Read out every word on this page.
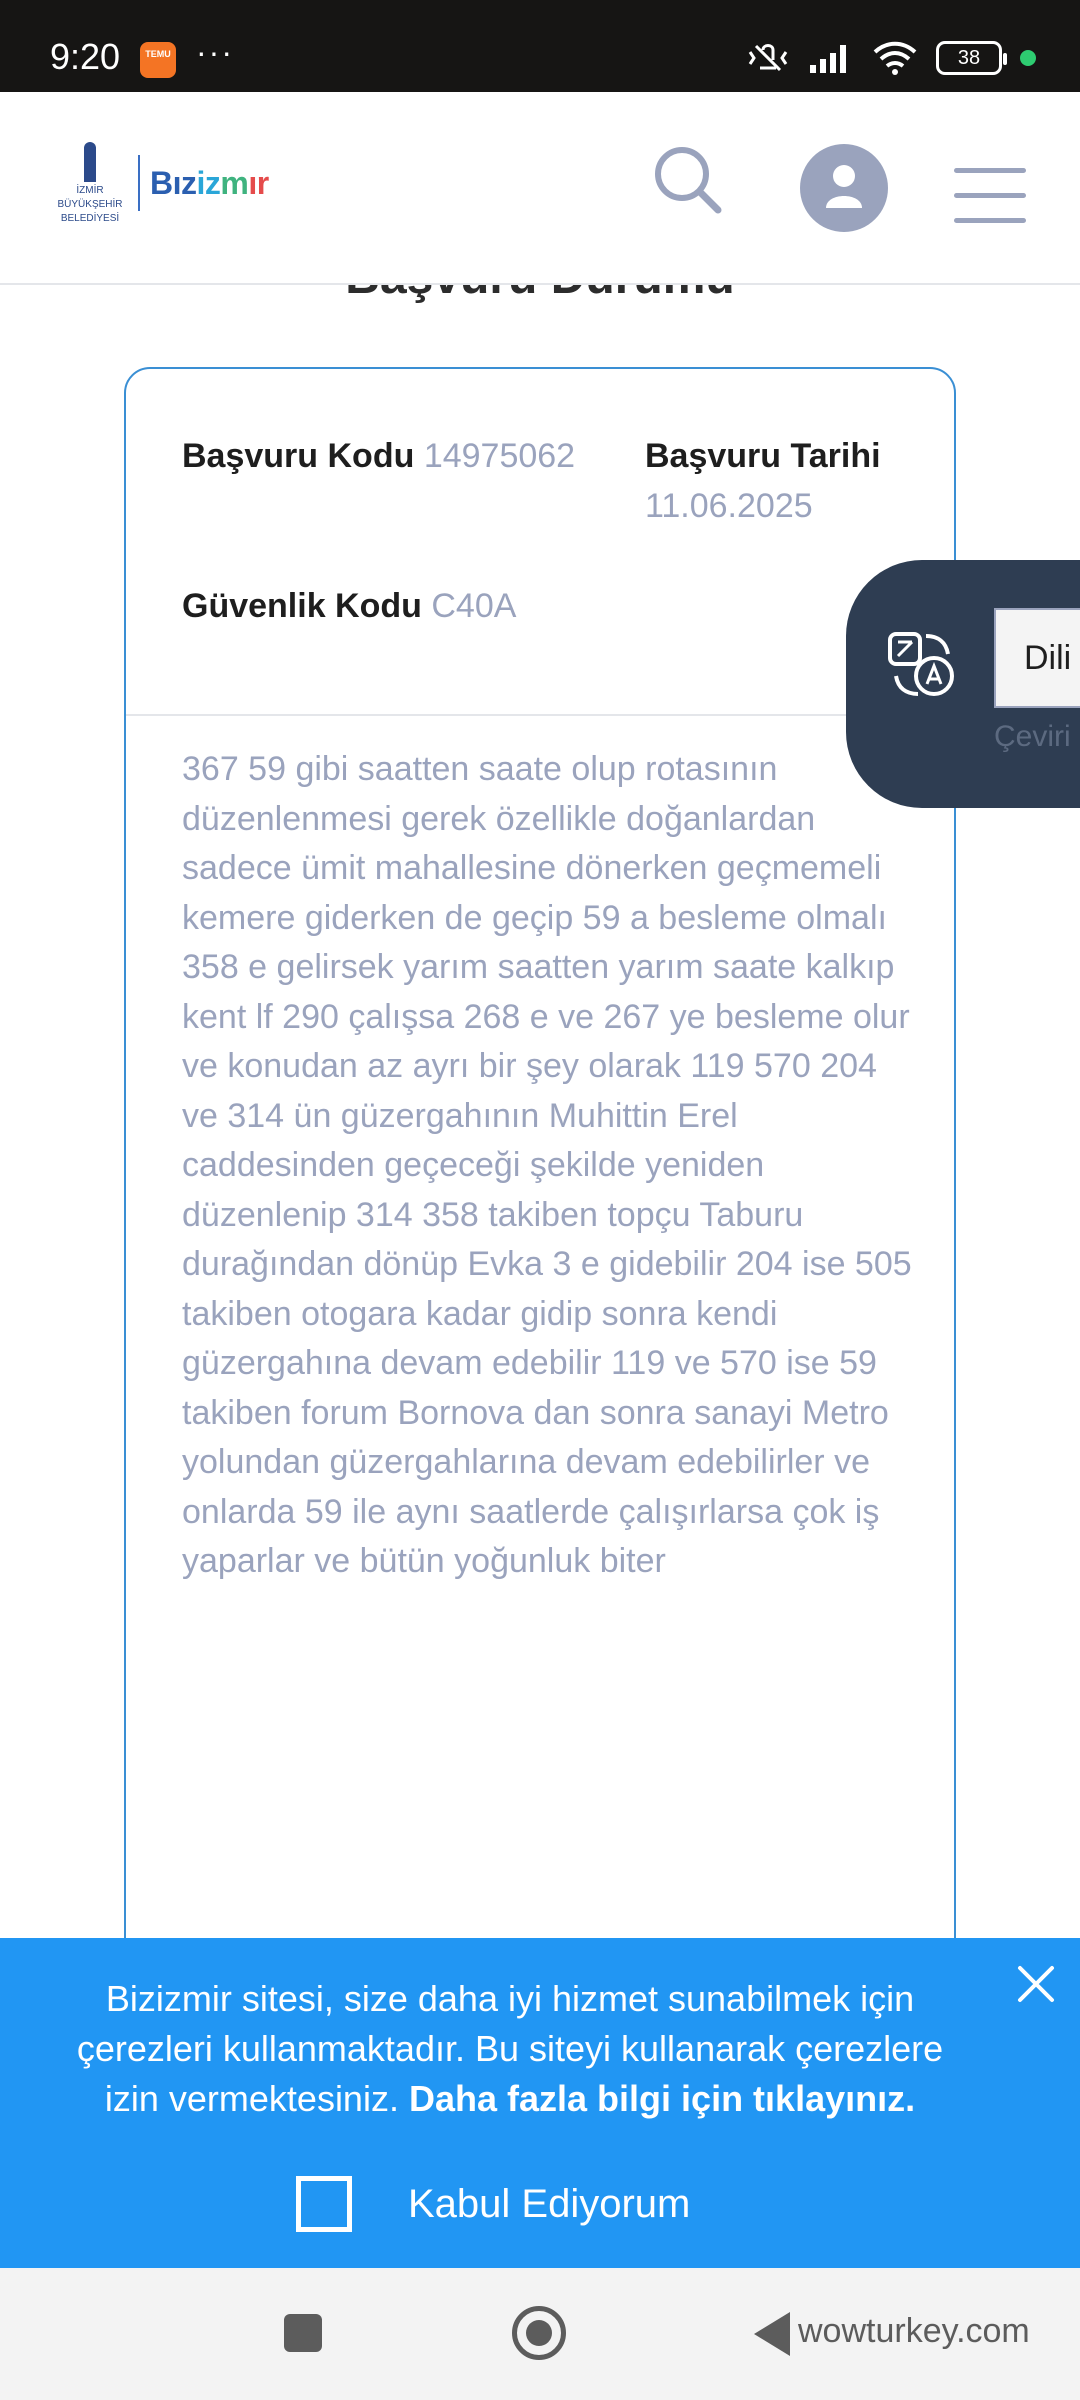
9:20	TEMU ···	38
İZMİR
BÜYÜKŞEHİR
BELEDİYESİ
Bızizmır
Başvuru Kodu 14975062 Başvuru Tarihi
11.06.2025
Güvenlik Kodu C40A
367 59 gibi saatten saate olup rotasının düzenlenmesi gerek özellikle doğanlardan sadece ümit mahallesine dönerken geçmemeli kemere giderken de geçip 59 a besleme olmalı 358 e gelirsek yarım saatten yarım saate kalkıp kent lf 290 çalışsa 268 e ve 267 ye besleme olur ve konudan az ayrı bir şey olarak 119 570 204 ve 314 ün güzergahının Muhittin Erel caddesinden geçeceği şekilde yeniden düzenlenip 314 358 takiben topçu Taburu durağından dönüp Evka 3 e gidebilir 204 ise 505 takiben otogara kadar gidip sonra kendi güzergahına devam edebilir 119 ve 570 ise 59 takiben forum Bornova dan sonra sanayi Metro yolundan güzergahlarına devam edebilirler ve onlarda 59 ile aynı saatlerde çalışırlarsa çok iş yaparlar ve bütün yoğunluk biter
Dili
Çeviri

Bizizmir sitesi, size daha iyi hizmet sunabilmek için çerezleri kullanmaktadır. Bu siteyi kullanarak çerezlere izin vermektesiniz. Daha fazla bilgi için tıklayınız.

Kabul Ediyorum
wowturkey.com
